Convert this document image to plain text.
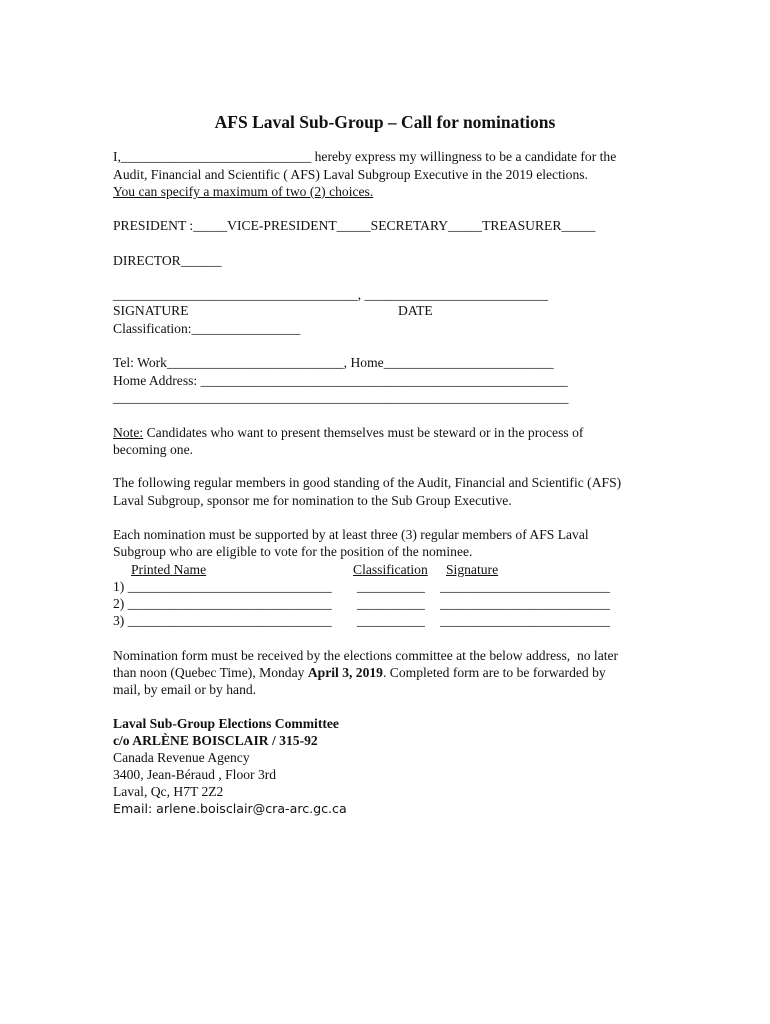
AFS Laval Sub-Group – Call for nominations
I,____________________________ hereby express my willingness to be a candidate for the
Audit, Financial and Scientific ( AFS) Laval Subgroup Executive in the 2019 elections.
You can specify a maximum of two (2) choices.
PRESIDENT :_____VICE-PRESIDENT_____SECRETARY_____TREASURER_____
DIRECTOR______
____________________________________, ___________________________
SIGNATURE	DATE
Classification:________________
Tel: Work__________________________, Home_________________________
Home Address: ______________________________________________________
___________________________________________________________________
Note: Candidates who want to present themselves must be steward or in the process of
becoming one.
The following regular members in good standing of the Audit, Financial and Scientific (AFS)
Laval Subgroup, sponsor me for nomination to the Sub Group Executive.
Each nomination must be supported by at least three (3) regular members of AFS Laval
Subgroup who are eligible to vote for the position of the nominee.
Printed Name	Classification Signature
1) ______________________________ __________ _________________________
2) ______________________________ __________ _________________________
3) ______________________________ __________ _________________________
Nomination form must be received by the elections committee at the below address,  no later
than noon (Quebec Time), Monday April 3, 2019. Completed form are to be forwarded by
mail, by email or by hand.
Laval Sub-Group Elections Committee
c/o ARLÈNE BOISCLAIR / 315-92
Canada Revenue Agency
3400, Jean-Béraud , Floor 3rd
Laval, Qc, H7T 2Z2
Email: arlene.boisclair@cra-arc.gc.ca
